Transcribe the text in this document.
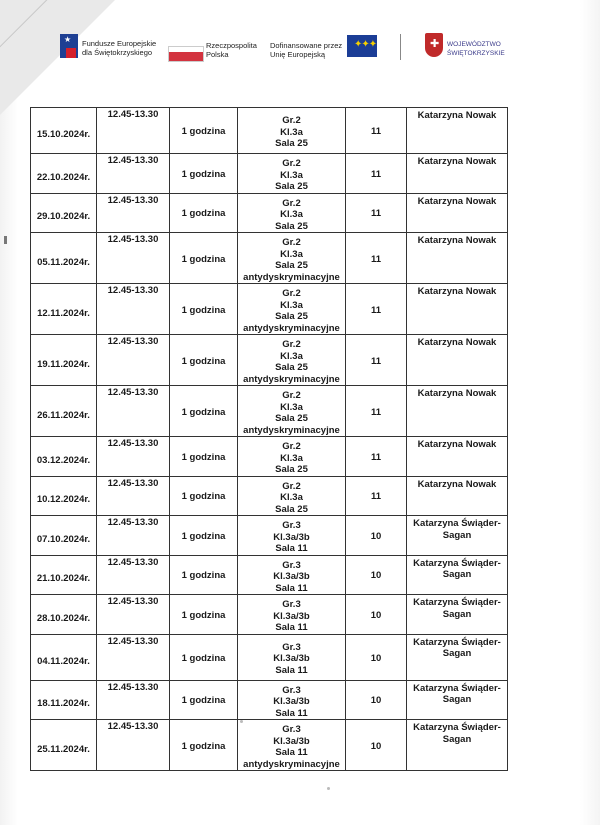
★ Fundusze Europejskie
dla Świętokrzyskiego
Rzeczpospolita
Polska
Dofinansowane przez
Unię Europejską
✦✦✦	✚ WOJEWÓDZTWO
ŚWIĘTOKRZYSKIE
15.10.2024r.	12.45-13.30	1 godzina	Gr.2
Kl.3a
Sala 25	11	Katarzyna Nowak

22.10.2024r.	12.45-13.30	1 godzina	Gr.2
Kl.3a
Sala 25	11	Katarzyna Nowak

29.10.2024r.	12.45-13.30	1 godzina	Gr.2
Kl.3a
Sala 25	11	Katarzyna Nowak

05.11.2024r.	12.45-13.30	1 godzina	Gr.2
Kl.3a
Sala 25
antydyskryminacyjne	11	Katarzyna Nowak

12.11.2024r.	12.45-13.30	1 godzina	Gr.2
Kl.3a
Sala 25
antydyskryminacyjne	11	Katarzyna Nowak

19.11.2024r.	12.45-13.30	1 godzina	Gr.2
Kl.3a
Sala 25
antydyskryminacyjne	11	Katarzyna Nowak

26.11.2024r.	12.45-13.30	1 godzina	Gr.2
Kl.3a
Sala 25
antydyskryminacyjne	11	Katarzyna Nowak

03.12.2024r.	12.45-13.30	1 godzina	Gr.2
Kl.3a
Sala 25	11	Katarzyna Nowak

10.12.2024r.	12.45-13.30	1 godzina	Gr.2
Kl.3a
Sala 25	11	Katarzyna Nowak

07.10.2024r.	12.45-13.30	1 godzina	Gr.3
Kl.3a/3b
Sala 11	10	Katarzyna Świąder-
Sagan

21.10.2024r.	12.45-13.30	1 godzina	Gr.3
Kl.3a/3b
Sala 11	10	Katarzyna Świąder-
Sagan

28.10.2024r.	12.45-13.30	1 godzina	Gr.3
Kl.3a/3b
Sala 11	10	Katarzyna Świąder-
Sagan

04.11.2024r.	12.45-13.30	1 godzina	Gr.3
Kl.3a/3b
Sala 11	10	Katarzyna Świąder-
Sagan

18.11.2024r.	12.45-13.30	1 godzina	Gr.3
Kl.3a/3b
Sala 11	10	Katarzyna Świąder-
Sagan

25.11.2024r.	12.45-13.30	1 godzina	Gr.3
Kl.3a/3b
Sala 11
antydyskryminacyjne	10	Katarzyna Świąder-
Sagan
